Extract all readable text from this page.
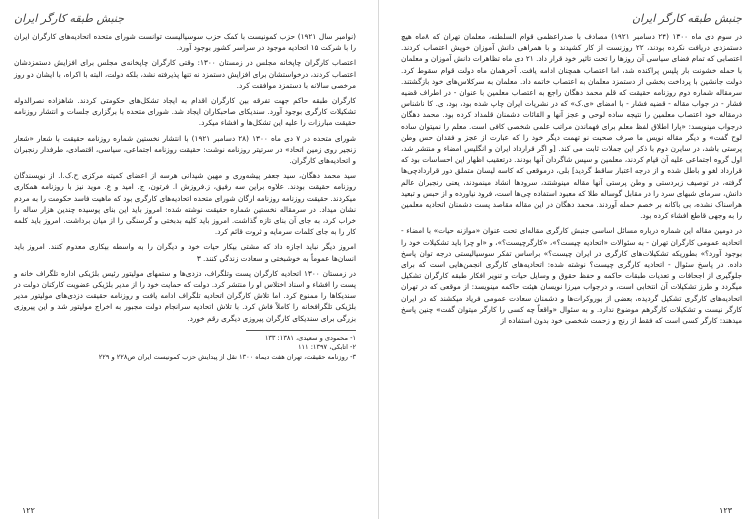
جنبش طبقه کارگر ایران

(نوامبر سال ۱۹۲۱) حزب کمونیست با کمک حزب سوسیالیست توانست شورای متحده اتحادیه‌های کارگران ایران را با شرکت ۱۵ اتحادیه موجود در سراسر کشور بوجود آورد.

اعتصاب کارگران چاپخانه مجلس در زمستان ۱۳۰۰: وقتی کارگران چاپخانه‌ی مجلس برای افزایش دستمزدشان اعتصاب کردند، درخواستشان برای افزایش دستمزد نه تنها پذیرفته نشد، بلکه دولت، البته با اکراه، با ایشان دو روز مرخصی سالانه با دستمزد موافقت کرد.

کارگران طبقه حاکم جهت تفرقه بین کارگران اقدام به ایجاد تشکل‌های حکومتی کردند. شاهزاده نصرالدوله تشکیلات کارگری بوجود آورد. سندیکای صاحبکاران ایجاد شد. شورای متحده با برگزاری جلسات و انتشار روزنامه حقیقت مبارزات را علیه این تشکل‌ها و افشاء میکرد.

شورای متحده در ۷ دی ماه ۱۳۰۰ (۲۸ دسامبر ۱۹۲۱) با انتشار نخستین شماره روزنامه حقیقت با شعار «شعار زنجیر روی زمین اتحاد» در سرتیتر روزنامه نوشت: حقیقت روزنامه اجتماعی، سیاسی، اقتصادی، طرفدار رنجبران و اتحادیه‌های کارگران.

سید محمد دهگان، سید جعفر پیشه‌وری و مهین شیدانی هرسه از اعضای کمیته مرکزی ح.ک.ا. از نویسندگان روزنامه حقیقت بودند. علاوه براین سه رفیق، ز.فروزش ا. فرتون، ج. امید و ع. موید نیز با روزنامه همکاری میکردند. حقیقت روزنامه روزنامه ارگان شورای متحده اتحادیه‌های کارگری بود که ماهیت فاسد حکومت را به مردم نشان میداد. در سرمقاله نخستین شماره حقیقت نوشته شده: امروز باید این بنای پوسیده چندین هزار ساله را خراب کرد، به جای آن بنای تازه گذاشت. امروز باید کلیه بدبختی و گرسنگی را از میان برداشت. امروز باید کلمه کار را به جای کلمات سرمایه و ثروت قائم کرد.

امروز دیگر نباید اجازه داد که مشتی بیکار حیات خود و دیگران را به واسطه بیکاری معدوم کنند. امروز باید انسان‌ها عموماً به خوشبختی و سعادت زندگی کنند. ۳

در زمستان ۱۳۰۰ اتحادیه کارگران پست وتلگراف، دزدی‌ها و ستمهای مولیتور رئیس بلژیکی اداره تلگراف خانه و پست را افشاء و اسناد اختلاس او را منتشر کرد. دولت که حمایت خود را از مدیر بلژیکی عضویت کارکنان دولت در سندیکاها را ممنوع کرد. اما تلاش کارگران اتحادیه تلگراف ادامه یافت و روزنامه حقیقت دزدی‌های مولیتور مدیر بلژیکی تلگرافخانه را کاملاً فاش کرد. با تلاش اتحادیه سرانجام دولت مجبور به اخراج مولیتور شد و این پیروزی بزرگی برای سندیکای کارگران پیروزی دیگری رقم خورد.

۱- محمودی و سعیدی، ۱۳۸۱: ۱۳۳

۲- اتابکی، ۱۳۹۷: ۱۱۱

۳- روزنامه حقیقت، تهران هفت دیماه ۱۳۰۰ نقل از پیدایش حزب کمونیست ایران ص۲۲۸ و ۲۲۹

۱۲۲
جنبش طبقه کارگر ایران

در سوم دی ماه ۱۳۰۰ (۲۴ دسامبر ۱۹۲۱) مصادف با صدراعظمی قوام السلطنه، معلمان تهران که ۸ماه هیچ دستمزدی دریافت نکرده بودند، ۲۲ روزنست از کار کشیدند و با همراهی دانش آموزان خویش اعتصاب کردند. اعتصابی که تمام فضای سیاسی آن روزها را تحت تاثیر خود قرار داد. ۲۱ دی ماه تظاهرات دانش آموزان و معلمان با حمله خشونت بار پلیس پراکنده شد، اما اعتصاب همچنان ادامه یافت. آخرهمان ماه دولت قوام سقوط کرد. دولت جانشین با پرداخت بخشی از دستمزد معلمان به اعتصاب خاتمه داد. معلمان به سرکلاس‌های خود بازگشتند. سرمقاله شماره دوم روزنامه حقیقت که قلم محمد دهگان راجع به اعتصاب معلمین با عنوان - در اطراف قضیه فشار - در جواب مقاله - قضیه فشار - با امضای «ی.ک» که در نشریات ایران چاپ شده بود، بود، ی. کا ناشناس درمقاله خود اعتصاب معلمین را نتیجه ساده لوحی و عجز آنها و القائات دشمنان قلمداد کرده بود. محمد دهگان درجواب مینویسد: «پارا اطلاق لفظ معلم برای فهماندن مراتب علمی شخصی کافی است. معلم را نمیتوان ساده لوح گفت» و دیگر مقاله نویس ما صرف صحبت نو تهمت دیگر خود را که عبارت از عجز و فقدان حس وطن پرستی باشد، در سایرن دوم با ذکر این جملات ثابت می کند. [و اگر قرارداد ایران و انگلیس امضاء و منتشر شد، اول گروه اجتماعی علیه آن قیام کردند، معلمین و سپس شاگردان آنها بودند. درتعقیب اظهار این احساسات بود که قرارداد لغو و باطل شده و از درجه اعتبار ساقط گردید] بلی، درموقعی که کاسه لیسان متملق دور قراردادچی‌ها گرفته، در توصیف زبردستی و وطن پرستی آنها مقاله مینوشتند، سرودها انشاد مینمودند، یعنی رنجبران عالم دانش، سرمای شبهای سرد را در مقابل گوساله طلا که معبود استفاده چی‌ها است، فرود نیاورده و از حبس و تبعید هراسناک نشده، بی باکانه بر خصم حمله آوردند. محمد دهگان در این مقاله مقاصد پست دشمنان اتحادیه معلمین را به وجهی قاطع افشاء کرده بود.

در دومین مقاله این شماره درباره مسائل اساسی جنبش کارگری مقاله‌ای تحت عنوان «موازنه حیات» با امضاء - اتحادیه عمومی کارگران تهران - به سئوالات «اتحادیه چیست؟»، «کارگرچیست؟»، و «او چرا باید تشکیلات خود را بوجود آورد؟» بطوریکه تشکیلات‌های کارگری در ایران چیست؟» براساس تفکر سوسیالیستی درجه توان پاسخ داده. در پاسخ سئوال - اتحادیه کارگری چیست؟ نوشته شده: اتحادیه‌های کارگری انجمن‌هایی است که برای جلوگیری از اجحافات و تعدیات طبقات حاکمه و حفظ حقوق و وسایل حیات و تنویر افکار طبقه کارگران تشکیل میگردد و طرز تشکیلات آن انتخابی است، و درجواب میرزا نویسان هیئت حاکمه مینویسد: از موقعی که در تهران اتحادیه‌های کارگری تشکیل گردیده، بعضی از بوروکرات‌ها و دشمنان سعادت عمومی فریاد میکشند که در ایران کارگر نیست و تشکیلات کارگرهم موضوع ندارد. و به سئوال «واقعاً چه کسی را کارگر میتوان گفت» چنین پاسخ میدهند: کارگر کسی است که فقط از رنج و زحمت شخصی خود بدون استفاده از

۱۲۳
